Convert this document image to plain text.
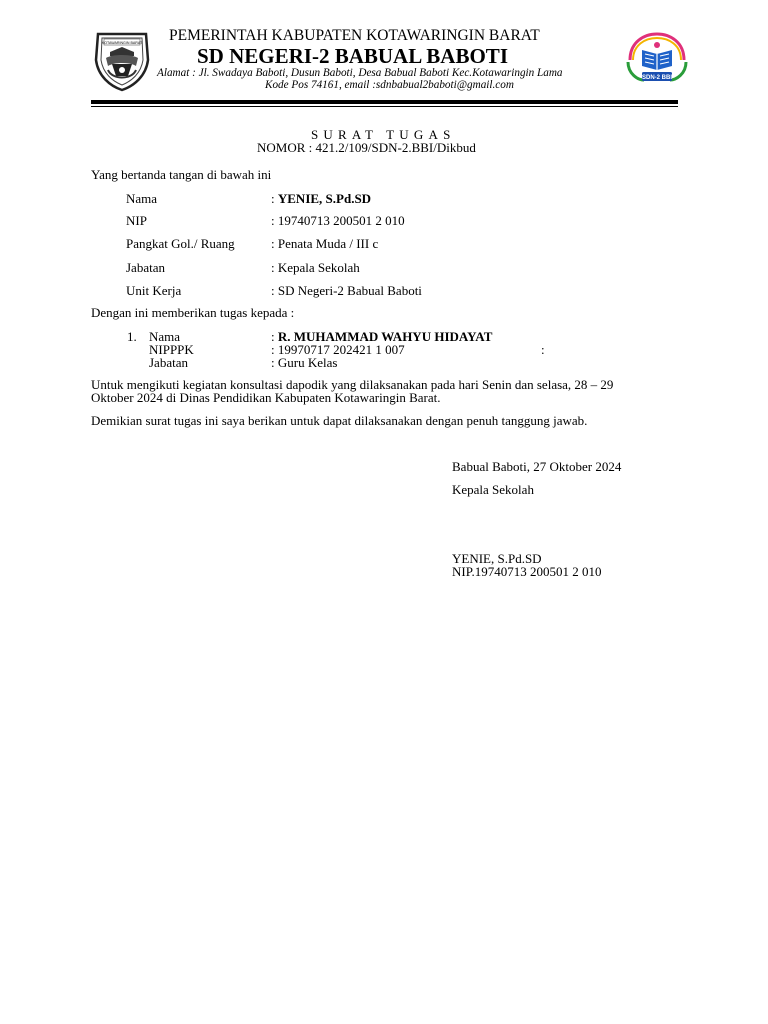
KOTAWARINGIN BARAT
SDN-2 BBI
PEMERINTAH KABUPATEN KOTAWARINGIN BARAT
SD NEGERI-2 BABUAL BABOTI
Alamat : Jl. Swadaya Baboti, Dusun Baboti, Desa Babual Baboti Kec.Kotawaringin Lama
Kode Pos 74161, email :sdnbabual2baboti@gmail.com
SURAT TUGAS
NOMOR : 421.2/109/SDN-2.BBI/Dikbud
Yang bertanda tangan di bawah ini
Nama	: YENIE, S.Pd.SD
NIP	: 19740713 200501 2 010
Pangkat Gol./ Ruang	: Penata Muda / III c
Jabatan	: Kepala Sekolah
Unit Kerja	: SD Negeri-2 Babual Baboti
Dengan ini memberikan tugas kepada :
1. Nama	: R. MUHAMMAD WAHYU HIDAYAT
NIPPPK	: 19970717 202421 1 007	:
Jabatan	: Guru Kelas
Untuk mengikuti kegiatan konsultasi dapodik yang dilaksanakan pada hari Senin dan selasa, 28 – 29
Oktober 2024 di Dinas Pendidikan Kabupaten Kotawaringin Barat.
Demikian surat tugas ini saya berikan untuk dapat dilaksanakan dengan penuh tanggung jawab.
Babual Baboti, 27 Oktober 2024
Kepala Sekolah
YENIE, S.Pd.SD
NIP.19740713 200501 2 010
